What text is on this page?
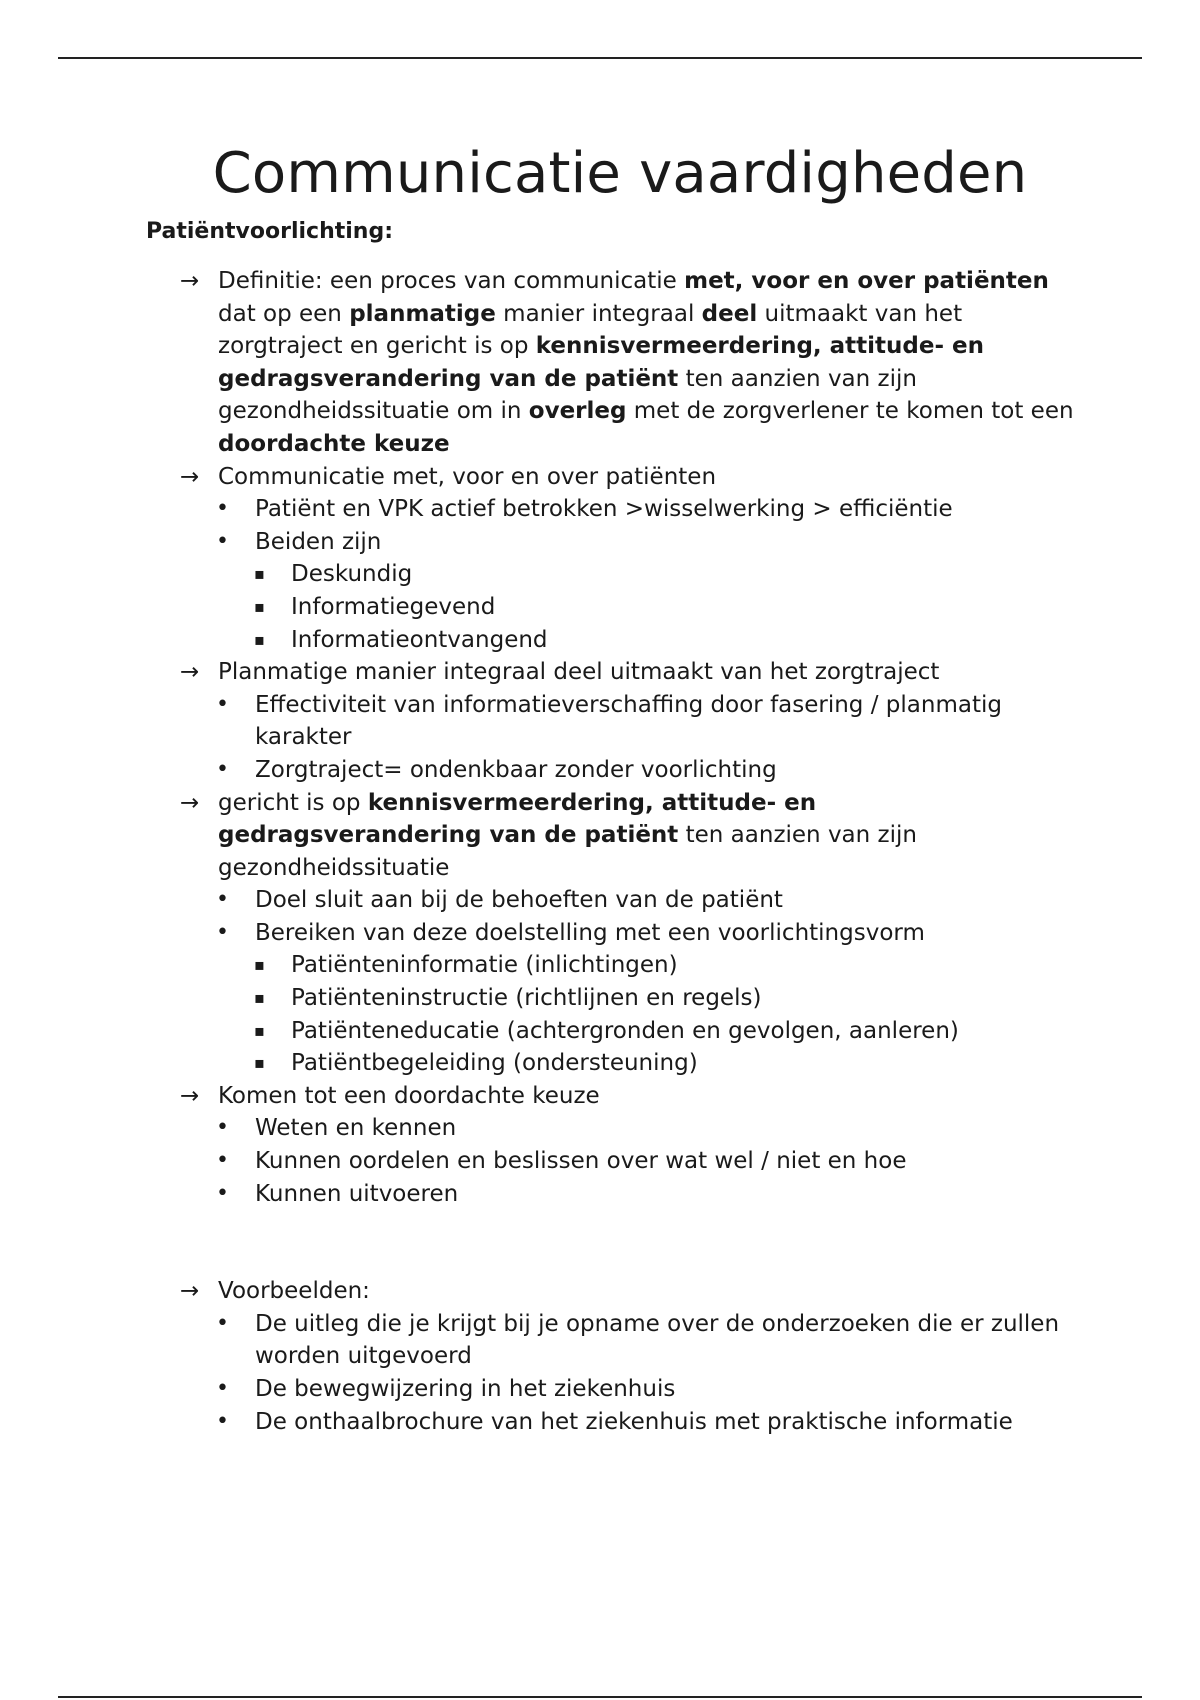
Communicatie vaardigheden
Patiëntvoorlichting:
→ Definitie: een proces van communicatie met, voor en over patiënten dat op een planmatige manier integraal deel uitmaakt van het zorgtraject en gericht is op kennisvermeerdering, attitude- en gedragsverandering van de patiënt ten aanzien van zijn gezondheidssituatie om in overleg met de zorgverlener te komen tot een doordachte keuze
→ Communicatie met, voor en over patiënten
• Patiënt en VPK actief betrokken >wisselwerking > efficiëntie
• Beiden zijn
▪ Deskundig
▪ Informatiegevend
▪ Informatieontvangend
→ Planmatige manier integraal deel uitmaakt van het zorgtraject
• Effectiviteit van informatieverschaffing door fasering / planmatig karakter
• Zorgtraject= ondenkbaar zonder voorlichting
→ gericht is op kennisvermeerdering, attitude- en gedragsverandering van de patiënt ten aanzien van zijn gezondheidssituatie
• Doel sluit aan bij de behoeften van de patiënt
• Bereiken van deze doelstelling met een voorlichtingsvorm
▪ Patiënteninformatie (inlichtingen)
▪ Patiënteninstructie (richtlijnen en regels)
▪ Patiënteneducatie (achtergronden en gevolgen, aanleren)
▪ Patiëntbegeleiding (ondersteuning)
→ Komen tot een doordachte keuze
• Weten en kennen
• Kunnen oordelen en beslissen over wat wel / niet en hoe
• Kunnen uitvoeren
→ Voorbeelden:
• De uitleg die je krijgt bij je opname over de onderzoeken die er zullen worden uitgevoerd
• De bewegwijzering in het ziekenhuis
• De onthaalbrochure van het ziekenhuis met praktische informatie
